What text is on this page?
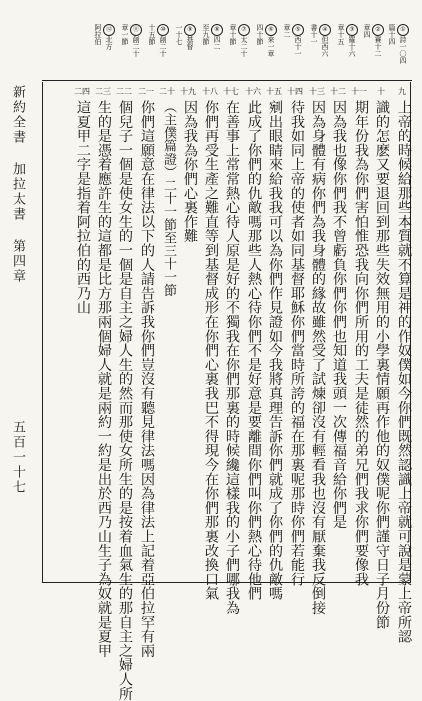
①詩一〇四
篇十四
②賽十二
章四
③羅十六
章十五
④但西六
書十一
⑤西十一
章二
⑥來一章
四十節
⑦太二十
章十節
⑧四二
至九節
⑨基督
一十七
⑩創二十
十五節
⑪創二十
章一節
⑫北方
阿拉伯
九
十
十一
十二
十三
十四
十五
十六
十七
十八
十九
二十
二一
二二
二三
二四
上帝的時候給那些本質就不算是神的作奴僕如今你們既然認識上帝就可說是蒙上帝所認
識的怎麽又要退回到那些失效無用的小學裏情願再作他的奴僕呢你們謹守日子月份節
期年份我為你們害怕惟恐我向你們所用的工夫是徒然的弟兄們我求你們要像我
因為我也像你們我不曾虧負你們你們也知道我頭一次傳福音給你們是
因為身體有病你們為我身體的緣故雖然受了試煉卻沒有輕看我也沒有厭棄我反倒接
待我如同上帝的使者如同基督耶穌你們當時所誇的福在那裏呢那時你們若能行
剜出眼睛來給我我可以為你們作見證如今我將真理告訴你們就成了你們的仇敵嗎
此成了你們的仇敵嗎那些人熱心待你們不是好意是要離間你們叫你們熱心待他們
在善事上常常熱心待人原是好的不獨我在你們那裏的時候纔這樣我的小子們哪我為
你們再受生產之難直等到基督成形在你們心裏我巴不得現今在你們那裏改換口氣
因為我為你們心裏作難
（主僕篇證）二十一節至三十一節
你們這願意在律法以下的人請告訴我你們豈沒有聽見律法嗎因為律法上記着亞伯拉罕有兩
個兒子一個是使女生的一個是自主之婦人生的然而那使女所生的是按着血氣生的那自主之婦人所
生的是憑着應許生的這都是比方那兩個婦人就是兩約一約是出於西乃山生子為奴就是夏甲
這夏甲二字是指着阿拉伯的西乃山
新約全書 加拉太書 第四章
五百一十七
